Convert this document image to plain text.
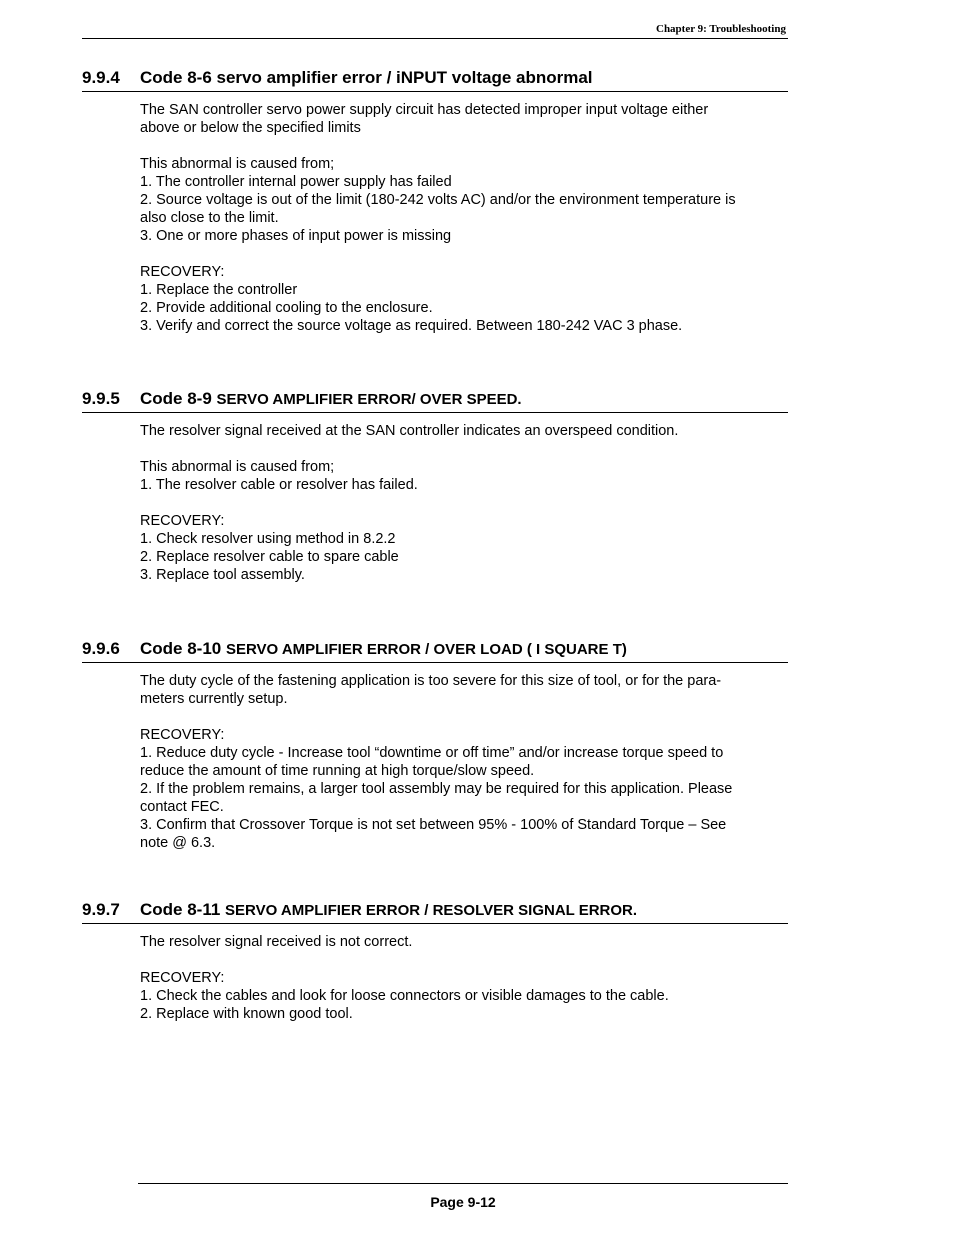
Chapter 9: Troubleshooting
9.9.4 Code 8-6 servo amplifier error / iNPUT voltage abnormal
The SAN controller servo power supply circuit has detected improper input voltage either
above or below the specified limits
This abnormal is caused from;
1. The controller internal power supply has failed
2. Source voltage is out of the limit (180-242 volts AC) and/or the environment temperature is
also close to the limit.
3. One or more phases of input power is missing
RECOVERY:
1. Replace the controller
2. Provide additional cooling to the enclosure.
3. Verify and correct the source voltage as required. Between 180-242 VAC 3 phase.
9.9.5 Code 8-9 SERVO AMPLIFIER ERROR/ OVER SPEED.
The resolver signal received at the SAN controller indicates an overspeed condition.
This abnormal is caused from;
1. The resolver cable or resolver has failed.
RECOVERY:
1. Check resolver using method in 8.2.2
2. Replace resolver cable to spare cable
3. Replace tool assembly.
9.9.6 Code 8-10 SERVO AMPLIFIER ERROR / OVER LOAD ( I SQUARE T)
The duty cycle of the fastening application is too severe for this size of tool, or for the para-
meters currently setup.
RECOVERY:
1. Reduce duty cycle - Increase tool “downtime or off time” and/or increase torque speed to
reduce the amount of time running at high torque/slow speed.
2. If the problem remains, a larger tool assembly may be required for this application. Please
contact FEC.
3. Confirm that Crossover Torque is not set between 95% - 100% of Standard Torque – See
note @ 6.3.
9.9.7 Code 8-11 SERVO AMPLIFIER ERROR / RESOLVER SIGNAL ERROR.
The resolver signal received is not correct.
RECOVERY:
1. Check the cables and look for loose connectors or visible damages to the cable.
2. Replace with known good tool.
Page 9-12
